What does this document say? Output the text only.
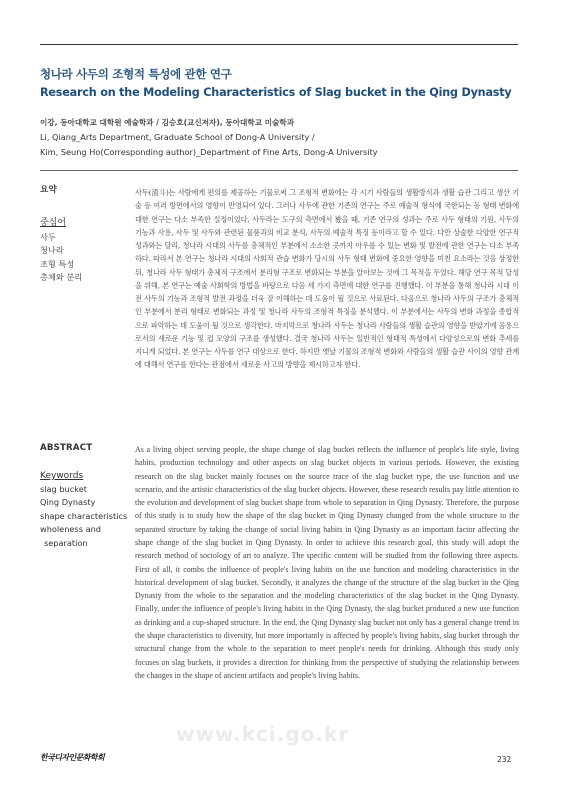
청나라 사두의 조형적 특성에 관한 연구
Research on the Modeling Characteristics of Slag bucket in the Qing Dynasty
이강, 동아대학교 대학원 예술학과 / 김승호(교신저자), 동아대학교 미술학과
Li, Qiang_Arts Department, Graduate School of Dong-A University /
Kim, Seung Ho(Corresponding author)_Department of Fine Arts, Dong-A University
요약
중심어
사두
청나라
조형 특성
총체와 분리
사두(渣斗)는 사람에게 편의를 제공하는 기물로써 그 조형적 변화에는 각 시기 사람들의 생활방식과 생활 습관 그리고 생산 기술 등 여러 방면에서의 영향이 반영되어 있다. 그러나 사두에 관한 기존의 연구는 주로 예술적 형식에 국한되는 등 형태 변화에 대한 연구는 다소 부족한 실정이었다. 사두라는 도구의 측면에서 봤을 때, 기존 연구의 성과는 주로 사두 형태의 기원, 사두의 기능과 사용, 사두 및 사두와 관련된 물품과의 비교 분석, 사두의 예술적 특징 등이라고 할 수 있다. 다만 상술한 다양한 연구적 성과와는 달리, 청나라 시대의 사두를 총체적인 부분에서 소소한 곳까지 아우를 수 있는 변화 및 발전에 관한 연구는 다소 부족하다. 따라서 본 연구는 청나라 시대의 사회적 관습 변화가 당시의 사두 형태 변화에 중요한 영향을 미친 요소라는 것을 상정한 뒤, 청나라 사두 형태가 총체적 구조에서 분리형 구조로 변화되는 부분을 알아보는 것에 그 목적을 두었다. 해당 연구 목적 달성을 위해, 본 연구는 예술 사회학의 방법을 바탕으로 다음 세 가지 측면에 대한 연구를 진행했다. 이 부분을 통해 청나라 시대 이전 사두의 기능과 조형적 발전 과정을 더욱 잘 이해하는 데 도움이 될 것으로 사료된다. 다음으로 청나라 사두의 구조가 총체적인 부분에서 분리 형태로 변화되는 과정 및 청나라 사두의 조형적 특징을 분석했다. 이 부분에서는 사두의 변화 과정을 종합적으로 파악하는 데 도움이 될 것으로 생각한다. 마지막으로 청나라 사두는 청나라 사람들의 생활 습관의 영향을 받았기에 음용으로서의 새로운 기능 및 컵 모양의 구조를 생성했다. 결국 청나라 사두는 일반적인 형태적 특성에서 다양성으로의 변화 추세를 지니게 되었다. 본 연구는 사두를 연구 대상으로 한다. 하지만 옛날 기물의 조형적 변화와 사람들의 생활 습관 사이의 영향 관계에 대해서 연구를 한다는 관점에서 새로운 사고의 방향을 제시하고자 한다.
ABSTRACT
Keywords
slag bucket
Qing Dynasty
shape characteristics
wholeness and
separation
www.kci.go.kr
As a living object serving people, the shape change of slag bucket reflects the influence of people's life style, living habits, production technology and other aspects on slag bucket objects in various periods. However, the existing research on the slag bucket mainly focuses on the source trace of the slag bucket type, the use function and use scenario, and the artistic characteristics of the slag bucket objects. However, these research results pay little attention to the evolution and development of slag bucket shape from whole to separation in Qing Dynasty. Therefore, the purpose of this study is to study how the shape of the slag bucket in Qing Dynasty changed from the whole structure to the separated structure by taking the change of social living habits in Qing Dynasty as an important factor affecting the shape change of the slag bucket in Qing Dynasty. In order to achieve this research goal, this study will adopt the research method of sociology of art to analyze. The specific content will be studied from the following three aspects. First of all, it combs the influence of people's living habits on the use function and modeling characteristics in the historical development of slag bucket. Secondly, it analyzes the change of the structure of the slag bucket in the Qing Dynasty from the whole to the separation and the modeling characteristics of the slag bucket in the Qing Dynasty. Finally, under the influence of people's living habits in the Qing Dynasty, the slag bucket produced a new use function as drinking and a cup-shaped structure. In the end, the Qing Dynasty slag bucket not only has a general change trend in the shape characteristics to diversity, but more importantly is affected by people's living habits, slag bucket through the structural change from the whole to the separation to meet people's needs for drinking. Although this study only focuses on slag buckets, it provides a direction for thinking from the perspective of studying the relationship between the changes in the shape of ancient artifacts and people's living habits.
한국디자인문화학회	232
